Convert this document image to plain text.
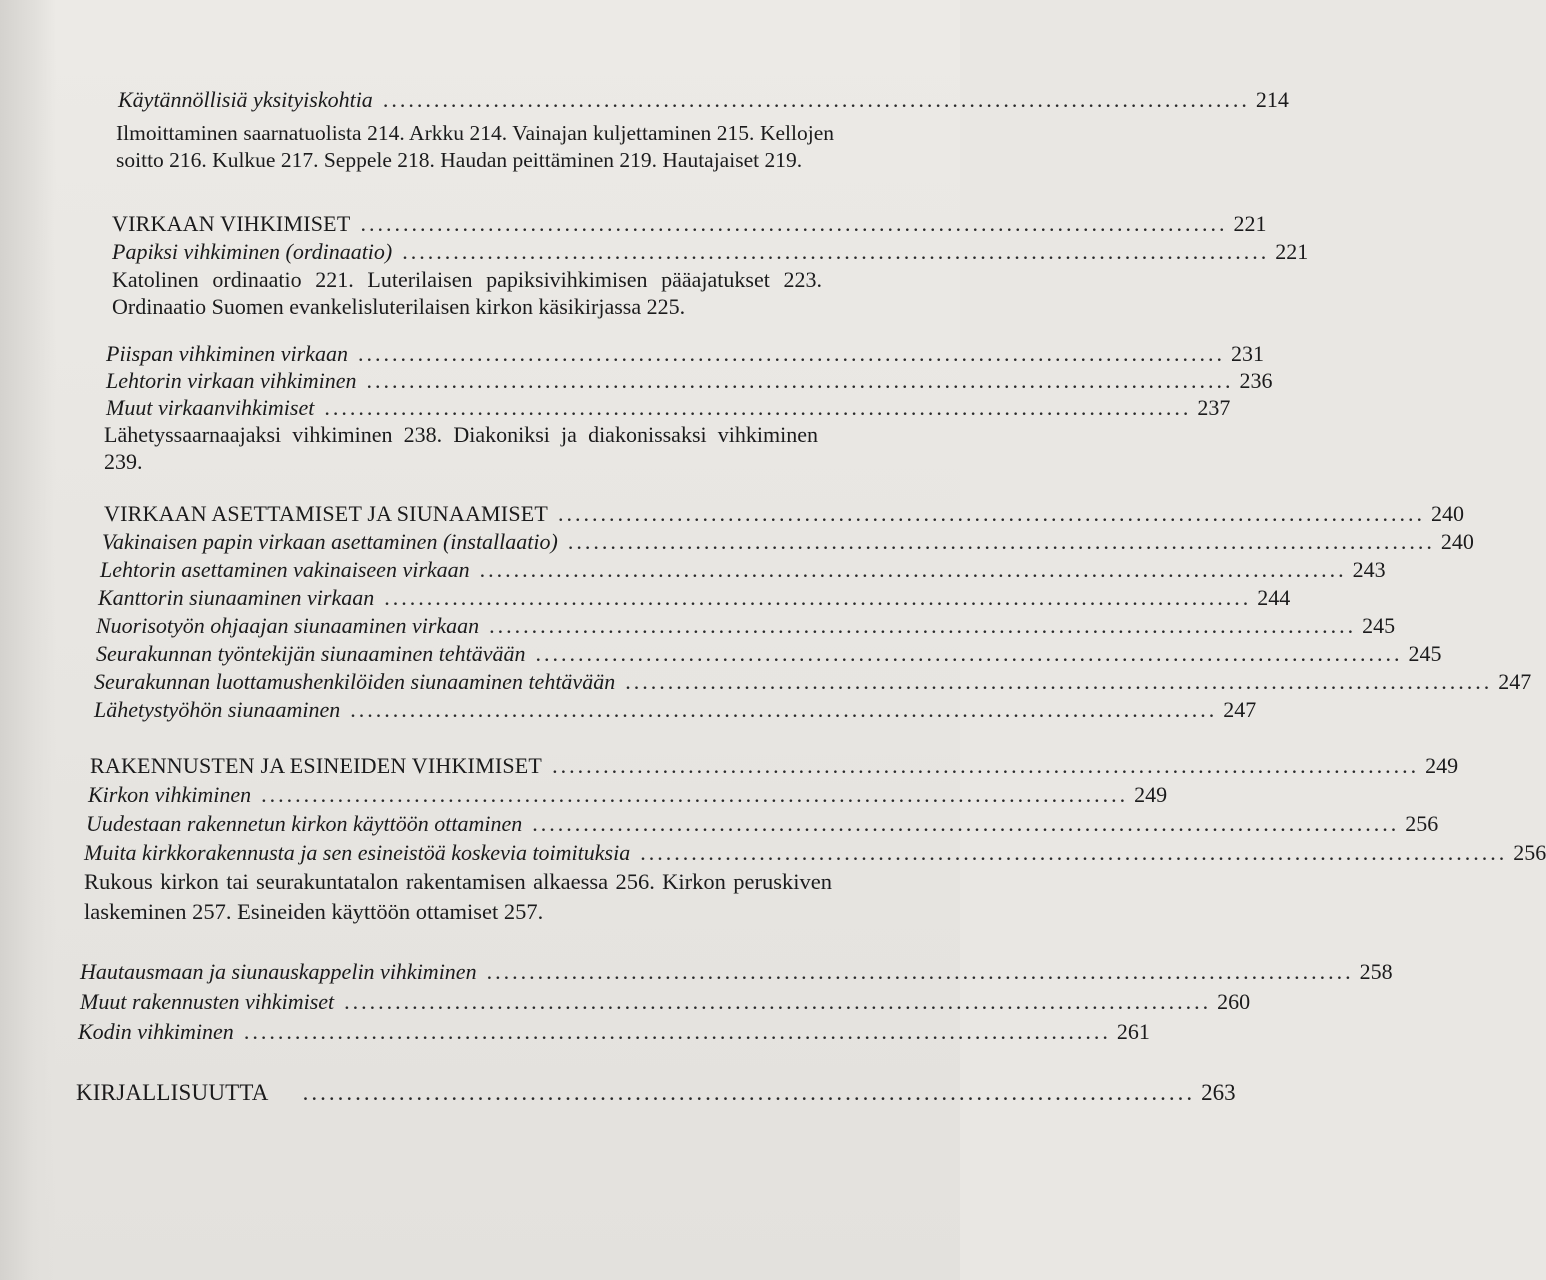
Käytännöllisiä yksityiskohtia ...................................................................................................... 214
Ilmoittaminen saarnatuolista 214. Arkku 214. Vainajan kuljettaminen 215. Kellojen soitto 216. Kulkue 217. Seppele 218. Haudan peittäminen 219. Hautajaiset 219.
VIRKAAN VIHKIMISET ...................................................................................................... 221
Papiksi vihkiminen (ordinaatio) ...................................................................................................... 221
Katolinen ordinaatio 221. Luterilaisen papiksivihkimisen pääajatukset 223. Ordinaatio Suomen evankelisluterilaisen kirkon käsikirjassa 225.
Piispan vihkiminen virkaan ...................................................................................................... 231
Lehtorin virkaan vihkiminen ...................................................................................................... 236
Muut virkaanvihkimiset ...................................................................................................... 237
Lähetyssaarnaajaksi vihkiminen 238. Diakoniksi ja diakonissaksi vihkiminen 239.
VIRKAAN ASETTAMISET JA SIUNAAMISET ...................................................................................................... 240
Vakinaisen papin virkaan asettaminen (installaatio) ...................................................................................................... 240
Lehtorin asettaminen vakinaiseen virkaan ...................................................................................................... 243
Kanttorin siunaaminen virkaan ...................................................................................................... 244
Nuorisotyön ohjaajan siunaaminen virkaan ...................................................................................................... 245
Seurakunnan työntekijän siunaaminen tehtävään ...................................................................................................... 245
Seurakunnan luottamushenkilöiden siunaaminen tehtävään ...................................................................................................... 247
Lähetystyöhön siunaaminen ...................................................................................................... 247
RAKENNUSTEN JA ESINEIDEN VIHKIMISET ...................................................................................................... 249
Kirkon vihkiminen ...................................................................................................... 249
Uudestaan rakennetun kirkon käyttöön ottaminen ...................................................................................................... 256
Muita kirkkorakennusta ja sen esineistöä koskevia toimituksia ...................................................................................................... 256
Rukous kirkon tai seurakuntatalon rakentamisen alkaessa 256. Kirkon peruskiven laskeminen 257. Esineiden käyttöön ottamiset 257.
Hautausmaan ja siunauskappelin vihkiminen ...................................................................................................... 258
Muut rakennusten vihkimiset ...................................................................................................... 260
Kodin vihkiminen ...................................................................................................... 261
KIRJALLISUUTTA ...................................................................................................... 263
